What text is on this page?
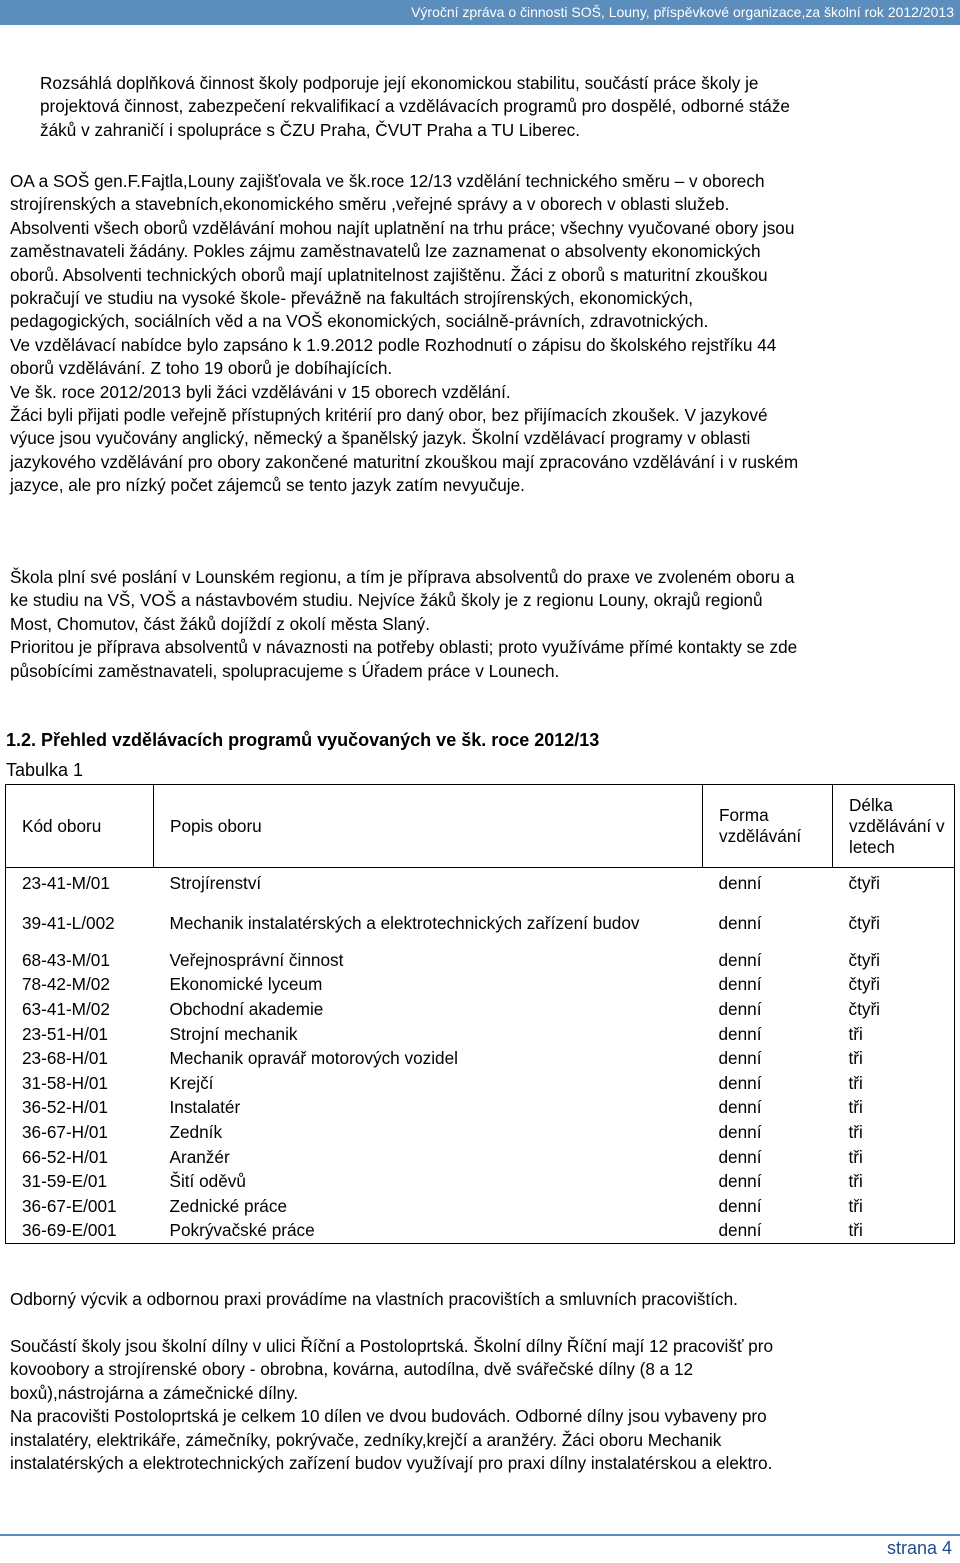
Výroční zpráva o činnosti SOŠ, Louny, příspěvkové organizace,za školní rok 2012/2013

Rozsáhlá doplňková činnost školy podporuje její ekonomickou stabilitu, součástí práce školy je

projektová činnost, zabezpečení rekvalifikací a vzdělávacích programů pro dospělé, odborné stáže

žáků v zahraničí i spolupráce s ČZU Praha, ČVUT Praha a TU Liberec.

OA a SOŠ gen.F.Fajtla,Louny zajišťovala ve šk.roce 12/13 vzdělání technického směru – v oborech

strojírenských a stavebních,ekonomického směru ,veřejné správy a v oborech v oblasti služeb.

Absolventi všech oborů vzdělávání mohou najít uplatnění na trhu práce; všechny vyučované obory jsou

zaměstnavateli žádány. Pokles zájmu zaměstnavatelů lze zaznamenat o absolventy ekonomických

oborů. Absolventi technických oborů mají uplatnitelnost zajištěnu. Žáci z oborů s maturitní zkouškou

pokračují ve studiu na vysoké škole- převážně na fakultách strojírenských, ekonomických,

pedagogických, sociálních věd a na VOŠ ekonomických, sociálně-právních, zdravotnických.

Ve vzdělávací nabídce bylo zapsáno k 1.9.2012 podle Rozhodnutí o zápisu do školského rejstříku 44

oborů vzdělávání. Z toho 19 oborů je dobíhajících.

Ve šk. roce 2012/2013 byli žáci vzděláváni v 15 oborech vzdělání.

Žáci byli přijati podle veřejně přístupných kritérií pro daný obor, bez přijímacích zkoušek. V jazykové

výuce jsou vyučovány anglický, německý a španělský jazyk. Školní vzdělávací programy v oblasti

jazykového vzdělávání pro obory zakončené maturitní zkouškou mají zpracováno vzdělávání i v ruském

jazyce, ale pro nízký počet zájemců se tento jazyk zatím nevyučuje.

Škola plní své poslání v Lounském regionu, a tím je příprava absolventů do praxe ve zvoleném oboru a

ke studiu na VŠ, VOŠ a nástavbovém studiu. Nejvíce žáků školy je z regionu Louny, okrajů regionů

Most, Chomutov, část žáků dojíždí z okolí města Slaný.

Prioritou je příprava absolventů v návaznosti na potřeby oblasti; proto využíváme přímé kontakty se zde

působícími zaměstnavateli, spolupracujeme s Úřadem práce v Lounech.

1.2. Přehled vzdělávacích programů vyučovaných ve šk. roce 2012/13
Tabulka 1
Kód oboru	Popis oboru	Forma vzdělávání	Délka vzdělávání v letech
23-41-M/01	Strojírenství	denní	čtyři
39-41-L/002	Mechanik instalatérských a elektrotechnických zařízení budov	denní	čtyři
68-43-M/01	Veřejnosprávní činnost	denní	čtyři
78-42-M/02	Ekonomické lyceum	denní	čtyři
63-41-M/02	Obchodní akademie	denní	čtyři
23-51-H/01	Strojní mechanik	denní	tři
23-68-H/01	Mechanik opravář motorových vozidel	denní	tři
31-58-H/01	Krejčí	denní	tři
36-52-H/01	Instalatér	denní	tři
36-67-H/01	Zedník	denní	tři
66-52-H/01	Aranžér	denní	tři
31-59-E/01	Šití oděvů	denní	tři
36-67-E/001	Zednické práce	denní	tři
36-69-E/001	Pokrývačské práce	denní	tři
Odborný výcvik a odbornou praxi provádíme na vlastních pracovištích a smluvních pracovištích.

Součástí školy jsou školní dílny v ulici Říční a Postoloprtská. Školní dílny Říční mají 12 pracovišť pro

kovoobory a strojírenské obory - obrobna, kovárna, autodílna, dvě svářečské dílny (8 a 12

boxů),nástrojárna a zámečnické dílny.

Na pracovišti Postoloprtská je celkem 10 dílen ve dvou budovách. Odborné dílny jsou vybaveny pro

instalatéry, elektrikáře, zámečníky, pokrývače, zedníky,krejčí a aranžéry. Žáci oboru Mechanik

instalatérských a elektrotechnických zařízení budov využívají pro praxi dílny instalatérskou a elektro.

strana 4
